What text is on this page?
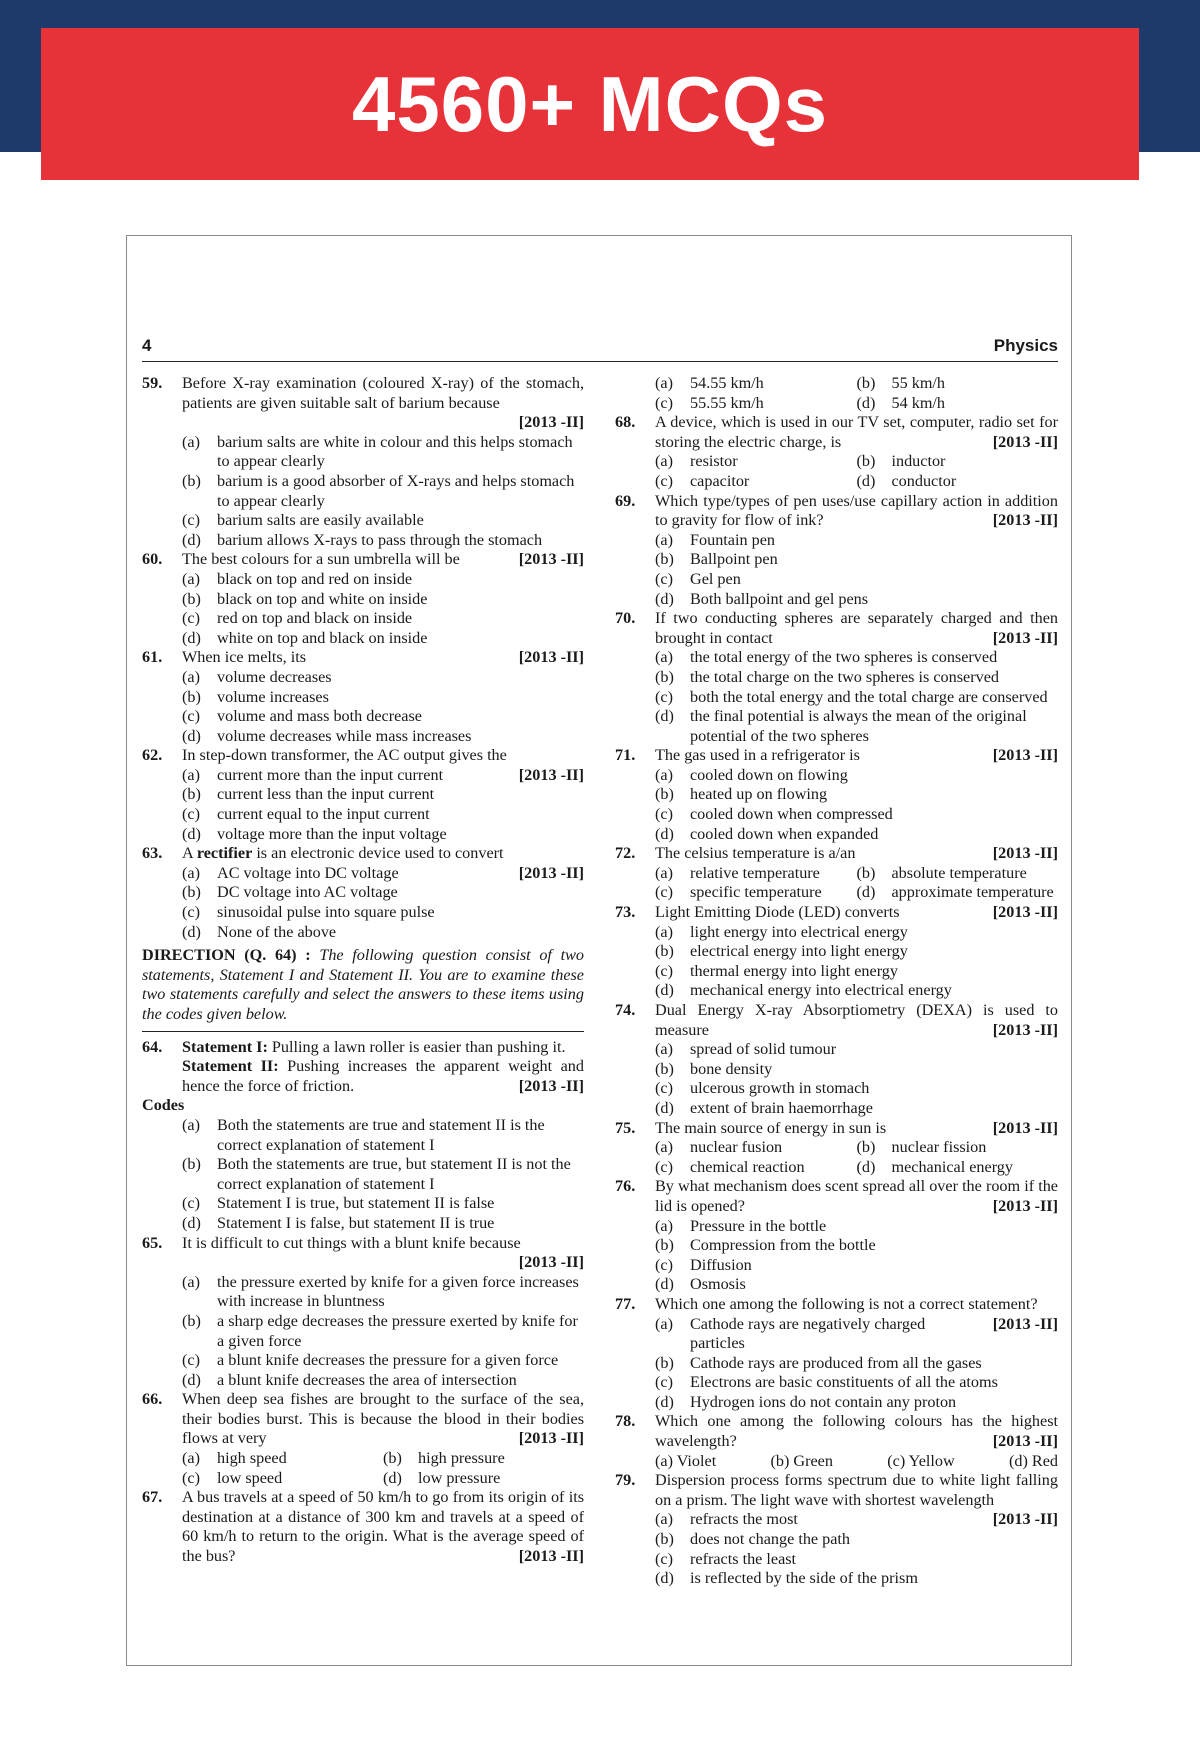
4560+ MCQs
4	Physics
59. Before X-ray examination (coloured X-ray) of the stomach, patients are given suitable salt of barium because
[2013 -II]
(a) barium salts are white in colour and this helps stomach to appear clearly
(b) barium is a good absorber of X-rays and helps stomach to appear clearly
(c) barium salts are easily available
(d) barium allows X-rays to pass through the stomach
60. The best colours for a sun umbrella will be	[2013 -II]
(a) black on top and red on inside
(b) black on top and white on inside
(c) red on top and black on inside
(d) white on top and black on inside
61. When ice melts, its	[2013 -II]
(a) volume decreases
(b) volume increases
(c) volume and mass both decrease
(d) volume decreases while mass increases
62. In step-down transformer, the AC output gives the
(a)	[2013 -II]
current more than the input current
(b) current less than the input current
(c) current equal to the input current
(d) voltage more than the input voltage
63. A rectifier is an electronic device used to convert
(a)	[2013 -II]
AC voltage into DC voltage
(b) DC voltage into AC voltage
(c) sinusoidal pulse into square pulse
(d) None of the above
DIRECTION (Q. 64) : The following question consist of two statements, Statement I and Statement II. You are to examine these two statements carefully and select the answers to these items using the codes given below.
64. Statement I: Pulling a lawn roller is easier than pushing it.
Statement II: Pushing increases the apparent weight and hence the force of friction.	[2013 -II]
Codes
(a) Both the statements are true and statement II is the correct explanation of statement I
(b) Both the statements are true, but statement II is not the correct explanation of statement I
(c) Statement I is true, but statement II is false
(d) Statement I is false, but statement II is true
65. It is difficult to cut things with a blunt knife because
[2013 -II]
(a) the pressure exerted by knife for a given force increases with increase in bluntness
(b) a sharp edge decreases the pressure exerted by knife for a given force
(c) a blunt knife decreases the pressure for a given force
(d) a blunt knife decreases the area of intersection
66. When deep sea fishes are brought to the surface of the sea, their bodies burst. This is because the blood in their bodies flows at very	[2013 -II]
(a) high speed	(b) high pressure
(c) low speed	(d) low pressure
67. A bus travels at a speed of 50 km/h to go from its origin of its destination at a distance of 300 km and travels at a speed of 60 km/h to return to the origin. What is the average speed of the bus?	[2013 -II]
(a) 54.55 km/h	(b) 55 km/h
(c) 55.55 km/h	(d) 54 km/h
68. A device, which is used in our TV set, computer, radio set for storing the electric charge, is	[2013 -II]
(a) resistor	(b) inductor
(c) capacitor	(d) conductor
69. Which type/types of pen uses/use capillary action in addition to gravity for flow of ink?	[2013 -II]
(a) Fountain pen
(b) Ballpoint pen
(c) Gel pen
(d) Both ballpoint and gel pens
70. If two conducting spheres are separately charged and then brought in contact	[2013 -II]
(a) the total energy of the two spheres is conserved
(b) the total charge on the two spheres is conserved
(c) both the total energy and the total charge are conserved
(d) the final potential is always the mean of the original potential of the two spheres
71. The gas used in a refrigerator is	[2013 -II]
(a) cooled down on flowing
(b) heated up on flowing
(c) cooled down when compressed
(d) cooled down when expanded
72. The celsius temperature is a/an	[2013 -II]
(a) relative temperature	(b) absolute temperature
(c) specific temperature	(d) approximate temperature
73. Light Emitting Diode (LED) converts	[2013 -II]
(a) light energy into electrical energy
(b) electrical energy into light energy
(c) thermal energy into light energy
(d) mechanical energy into electrical energy
74. Dual Energy X-ray Absorptiometry (DEXA) is used to measure	[2013 -II]
(a) spread of solid tumour
(b) bone density
(c) ulcerous growth in stomach
(d) extent of brain haemorrhage
75. The main source of energy in sun is	[2013 -II]
(a) nuclear fusion	(b) nuclear fission
(c) chemical reaction	(d) mechanical energy
76. By what mechanism does scent spread all over the room if the lid is opened?	[2013 -II]
(a) Pressure in the bottle
(b) Compression from the bottle
(c) Diffusion
(d) Osmosis
77. Which one among the following is not a correct statement?
[2013 -II]
(a) Cathode rays are negatively charged particles
(b) Cathode rays are produced from all the gases
(c) Electrons are basic constituents of all the atoms
(d) Hydrogen ions do not contain any proton
78. Which one among the following colours has the highest wavelength?	[2013 -II]
(a) Violet	(b) Green	(c) Yellow	(d) Red
79. Dispersion process forms spectrum due to white light falling on a prism. The light wave with shortest wavelength
(a)	[2013 -II]
refracts the most
(b) does not change the path
(c) refracts the least
(d) is reflected by the side of the prism
